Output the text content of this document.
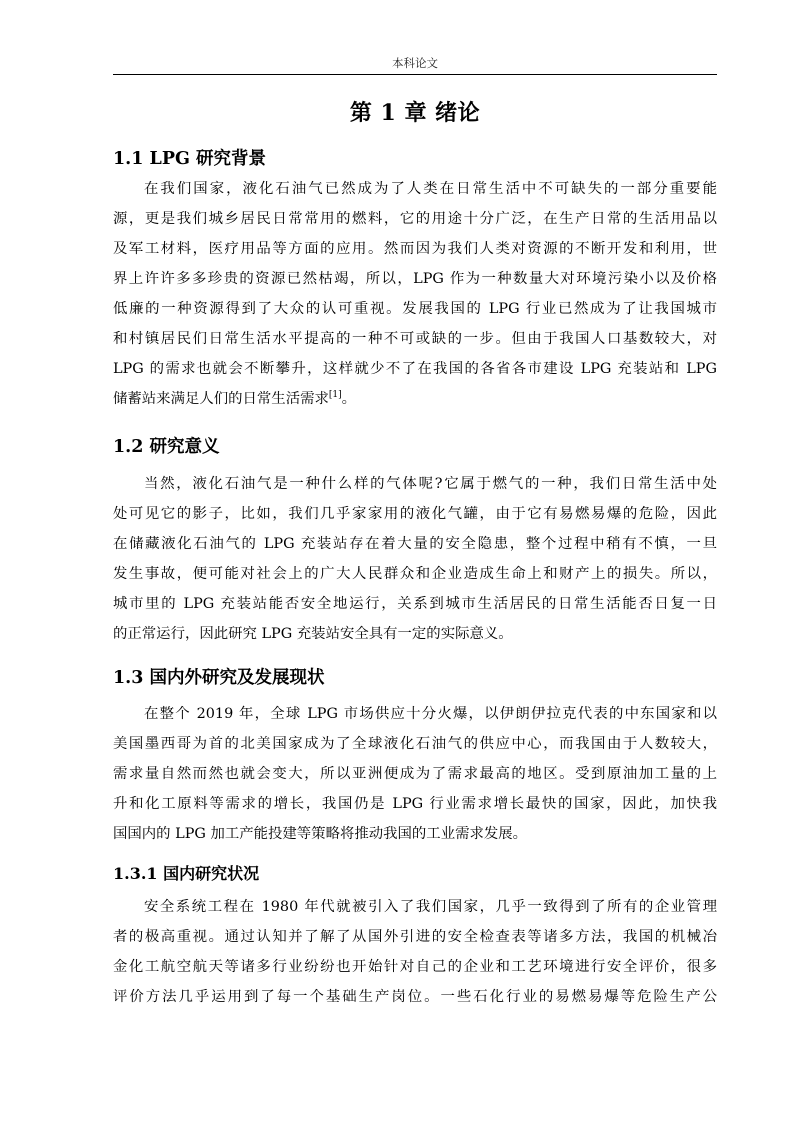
本科论文
第 1 章 绪论
1.1 LPG 研究背景
在我们国家，液化石油气已然成为了人类在日常生活中不可缺失的一部分重要能
源，更是我们城乡居民日常常用的燃料，它的用途十分广泛，在生产日常的生活用品以
及军工材料，医疗用品等方面的应用。然而因为我们人类对资源的不断开发和利用，世
界上许许多多珍贵的资源已然枯竭，所以，LPG 作为一种数量大对环境污染小以及价格
低廉的一种资源得到了大众的认可重视。发展我国的 LPG 行业已然成为了让我国城市
和村镇居民们日常生活水平提高的一种不可或缺的一步。但由于我国人口基数较大，对
LPG 的需求也就会不断攀升，这样就少不了在我国的各省各市建设 LPG 充装站和 LPG
储蓄站来满足人们的日常生活需求[1]。
1.2 研究意义
当然，液化石油气是一种什么样的气体呢?它属于燃气的一种，我们日常生活中处
处可见它的影子，比如，我们几乎家家用的液化气罐，由于它有易燃易爆的危险，因此
在储藏液化石油气的 LPG 充装站存在着大量的安全隐患，整个过程中稍有不慎，一旦
发生事故，便可能对社会上的广大人民群众和企业造成生命上和财产上的损失。所以，
城市里的 LPG 充装站能否安全地运行，关系到城市生活居民的日常生活能否日复一日
的正常运行，因此研究 LPG 充装站安全具有一定的实际意义。
1.3 国内外研究及发展现状
在整个 2019 年，全球 LPG 市场供应十分火爆，以伊朗伊拉克代表的中东国家和以
美国墨西哥为首的北美国家成为了全球液化石油气的供应中心，而我国由于人数较大，
需求量自然而然也就会变大，所以亚洲便成为了需求最高的地区。受到原油加工量的上
升和化工原料等需求的增长，我国仍是 LPG 行业需求增长最快的国家，因此，加快我
国国内的 LPG 加工产能投建等策略将推动我国的工业需求发展。
1.3.1 国内研究状况
安全系统工程在 1980 年代就被引入了我们国家，几乎一致得到了所有的企业管理
者的极高重视。通过认知并了解了从国外引进的安全检查表等诸多方法，我国的机械冶
金化工航空航天等诸多行业纷纷也开始针对自己的企业和工艺环境进行安全评价，很多
评价方法几乎运用到了每一个基础生产岗位。一些石化行业的易燃易爆等危险生产公
